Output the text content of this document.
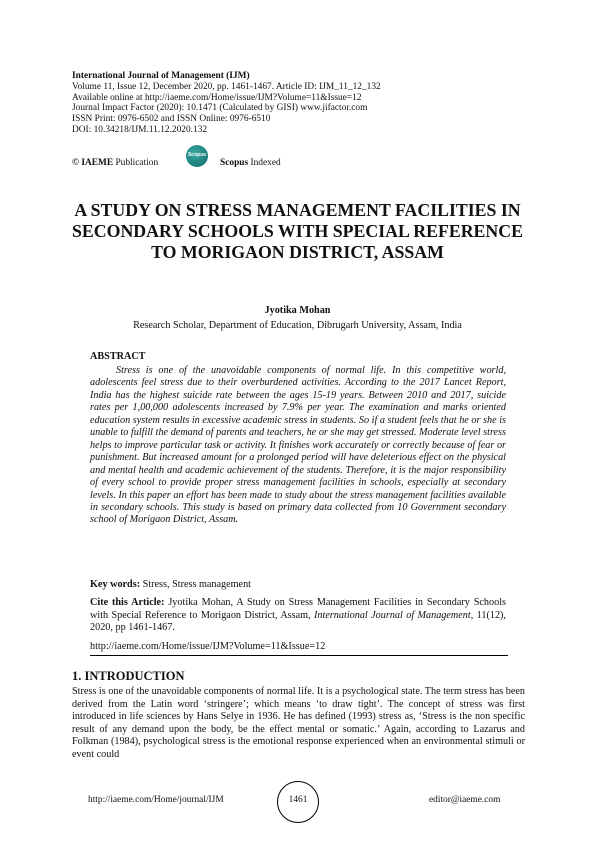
International Journal of Management (IJM)
Volume 11, Issue 12, December 2020, pp. 1461-1467. Article ID: IJM_11_12_132
Available online at http://iaeme.com/Home/issue/IJM?Volume=11&Issue=12
Journal Impact Factor (2020): 10.1471 (Calculated by GISI) www.jifactor.com
ISSN Print: 0976-6502 and ISSN Online: 0976-6510
DOI: 10.34218/IJM.11.12.2020.132
© IAEME Publication
Scopus
Scopus Indexed
A STUDY ON STRESS MANAGEMENT FACILITIES IN SECONDARY SCHOOLS WITH SPECIAL REFERENCE TO MORIGAON DISTRICT, ASSAM
Jyotika Mohan
Research Scholar, Department of Education, Dibrugarh University, Assam, India
ABSTRACT
Stress is one of the unavoidable components of normal life. In this competitive world, adolescents feel stress due to their overburdened activities. According to the 2017 Lancet Report, India has the highest suicide rate between the ages 15-19 years. Between 2010 and 2017, suicide rates per 1,00,000 adolescents increased by 7.9% per year. The examination and marks oriented education system results in excessive academic stress in students. So if a student feels that he or she is unable to fulfill the demand of parents and teachers, he or she may get stressed. Moderate level stress helps to improve particular task or activity. It finishes work accurately or correctly because of fear or punishment. But increased amount for a prolonged period will have deleterious effect on the physical and mental health and academic achievement of the students. Therefore, it is the major responsibility of every school to provide proper stress management facilities in schools, especially at secondary levels. In this paper an effort has been made to study about the stress management facilities available in secondary schools. This study is based on primary data collected from 10 Government secondary school of Morigaon District, Assam.
Key words: Stress, Stress management
Cite this Article: Jyotika Mohan, A Study on Stress Management Facilities in Secondary Schools with Special Reference to Morigaon District, Assam, International Journal of Management, 11(12), 2020, pp 1461-1467.
http://iaeme.com/Home/issue/IJM?Volume=11&Issue=12
1. INTRODUCTION
Stress is one of the unavoidable components of normal life. It is a psychological state. The term stress has been derived from the Latin word ‘stringere’; which means ‘to draw tight’. The concept of stress was first introduced in life sciences by Hans Selye in 1936. He has defined (1993) stress as, ‘Stress is the non specific result of any demand upon the body, be the effect mental or somatic.’ Again, according to Lazarus and Folkman (1984), psychological stress is the emotional response experienced when an environmental stimuli or event could
http://iaeme.com/Home/journal/IJM	1461	editor@iaeme.com
